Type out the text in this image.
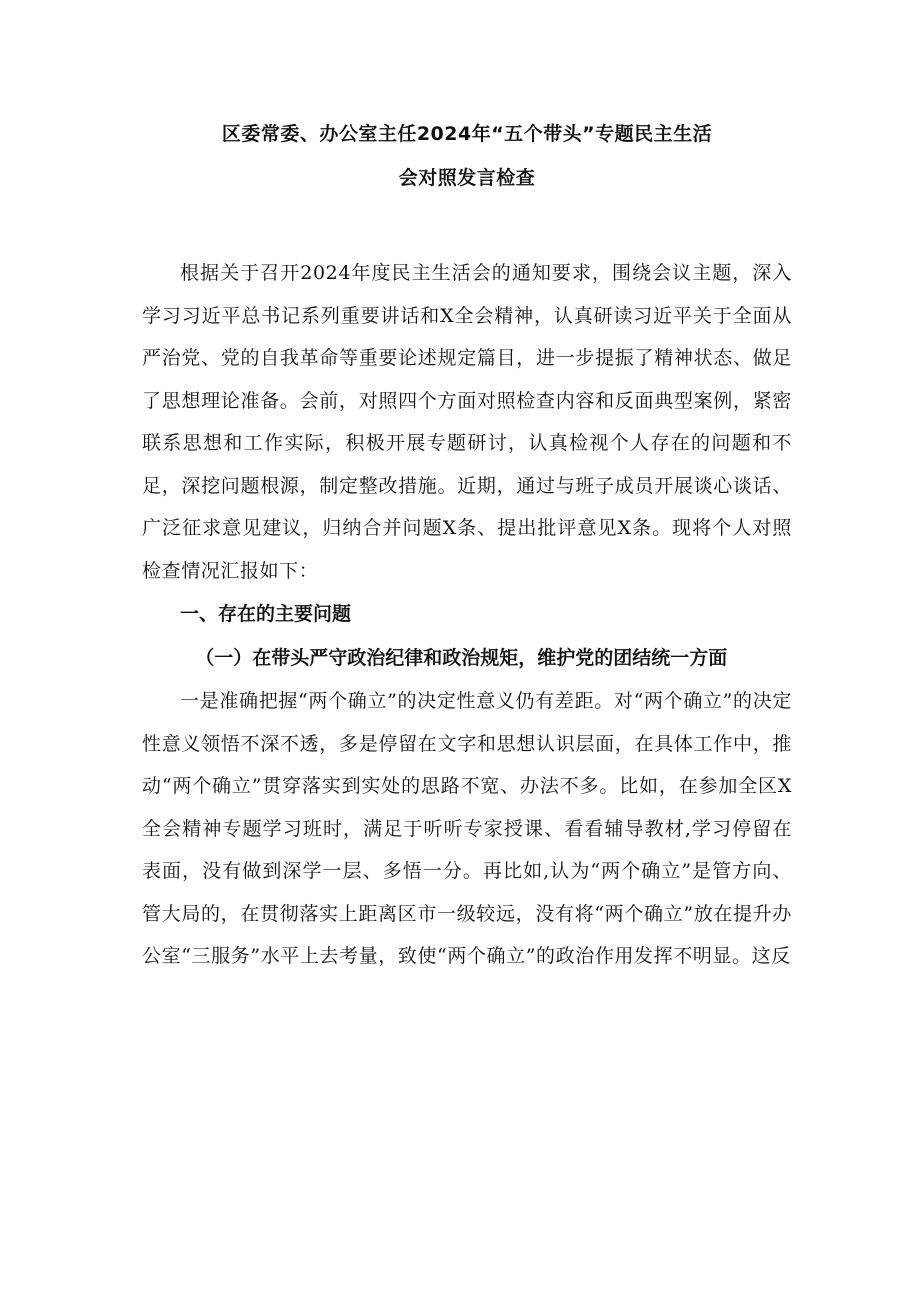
区委常委、办公室主任2024年“五个带头”专题民主生活
会对照发言检查

根据关于召开2024年度民主生活会的通知要求，围绕会议主题，深入学习习近平总书记系列重要讲话和X全会精神，认真研读习近平关于全面从严治党、党的自我革命等重要论述规定篇目，进一步提振了精神状态、做足了思想理论准备。会前，对照四个方面对照检查内容和反面典型案例，紧密联系思想和工作实际，积极开展专题研讨，认真检视个人存在的问题和不足，深挖问题根源，制定整改措施。近期，通过与班子成员开展谈心谈话、广泛征求意见建议，归纳合并问题X条、提出批评意见X条。现将个人对照检查情况汇报如下：

一、存在的主要问题

（一）在带头严守政治纪律和政治规矩，维护党的团结统一方面

一是准确把握“两个确立”的决定性意义仍有差距。对“两个确立”的决定性意义领悟不深不透，多是停留在文字和思想认识层面，在具体工作中，推动“两个确立”贯穿落实到实处的思路不宽、办法不多。比如，在参加全区X全会精神专题学习班时，满足于听听专家授课、看看辅导教材,学习停留在表面，没有做到深学一层、多悟一分。再比如,认为“两个确立”是管方向、管大局的，在贯彻落实上距离区市一级较远，没有将“两个确立”放在提升办公室“三服务”水平上去考量，致使“两个确立”的政治作用发挥不明显。这反
